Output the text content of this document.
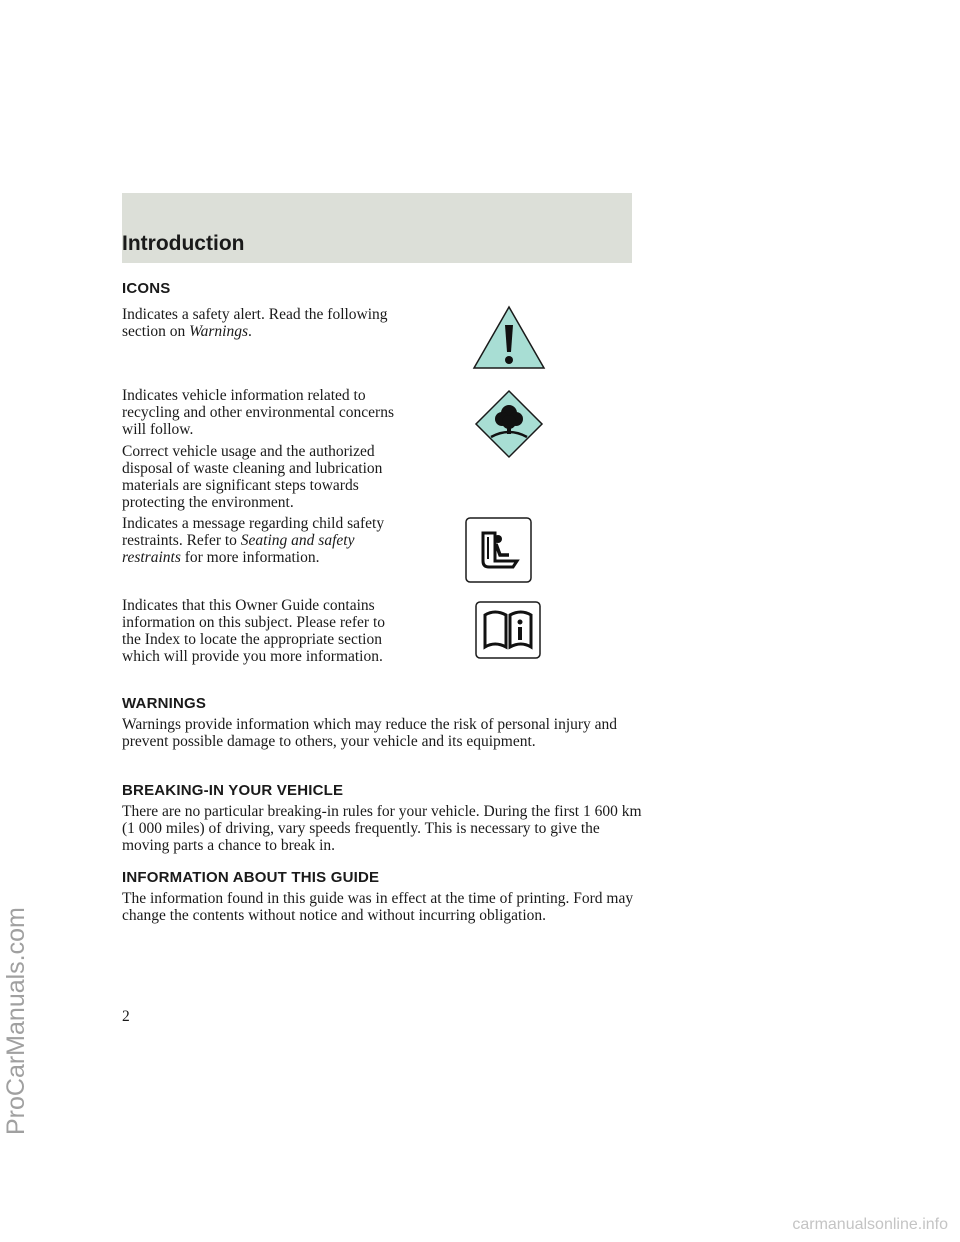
Introduction
ICONS

Indicates a safety alert. Read the following section on Warnings.

Indicates vehicle information related to recycling and other environmental concerns will follow.

Correct vehicle usage and the authorized disposal of waste cleaning and lubrication materials are significant steps towards protecting the environment.

Indicates a message regarding child safety restraints. Refer to Seating and safety restraints for more information.

Indicates that this Owner Guide contains information on this subject. Please refer to the Index to locate the appropriate section which will provide you more information.

WARNINGS

Warnings provide information which may reduce the risk of personal injury and prevent possible damage to others, your vehicle and its equipment.

BREAKING-IN YOUR VEHICLE

There are no particular breaking-in rules for your vehicle. During the first 1 600 km (1 000 miles) of driving, vary speeds frequently. This is necessary to give the moving parts a chance to break in.

INFORMATION ABOUT THIS GUIDE

The information found in this guide was in effect at the time of printing. Ford may change the contents without notice and without incurring obligation.

2
ProCarManuals.com
carmanualsonline.info
